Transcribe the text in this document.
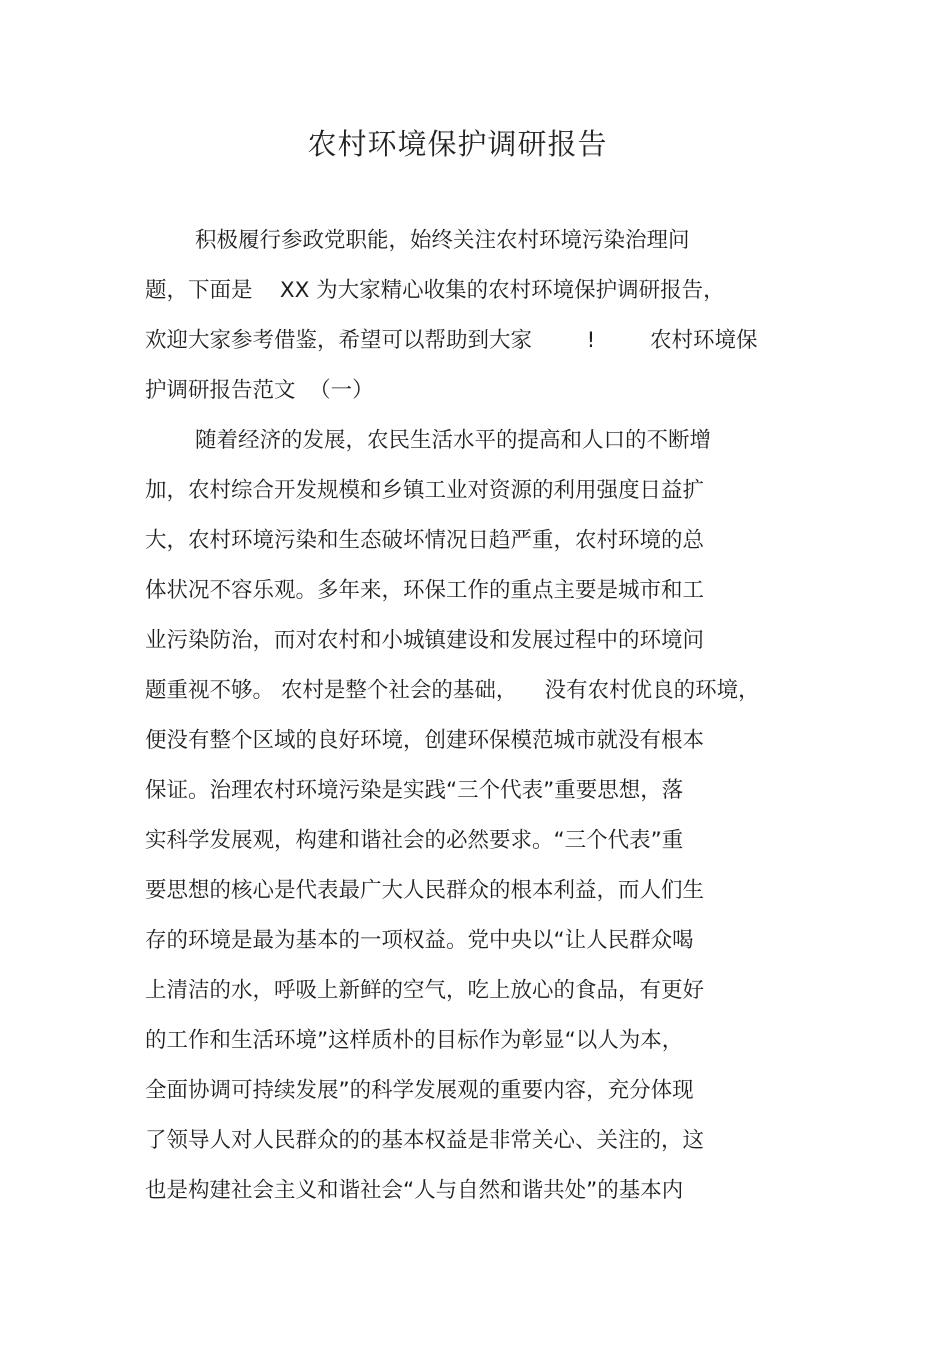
农村环境保护调研报告
积极履行参政党职能，始终关注农村环境污染治理问
题，下面是    XX 为大家精心收集的农村环境保护调研报告，
欢迎大家参考借鉴，希望可以帮助到大家        !        农村环境保
护调研报告范文  （一）
随着经济的发展，农民生活水平的提高和人口的不断增
加，农村综合开发规模和乡镇工业对资源的利用强度日益扩
大，农村环境污染和生态破坏情况日趋严重，农村环境的总
体状况不容乐观。多年来，环保工作的重点主要是城市和工
业污染防治，而对农村和小城镇建设和发展过程中的环境问
题重视不够。 农村是整个社会的基础，    没有农村优良的环境，
便没有整个区域的良好环境，创建环保模范城市就没有根本
保证。治理农村环境污染是实践“三个代表”重要思想，落
实科学发展观，构建和谐社会的必然要求。“三个代表”重
要思想的核心是代表最广大人民群众的根本利益，而人们生
存的环境是最为基本的一项权益。党中央以“让人民群众喝
上清洁的水，呼吸上新鲜的空气，吃上放心的食品，有更好
的工作和生活环境”这样质朴的目标作为彰显“以人为本，
全面协调可持续发展”的科学发展观的重要内容，充分体现
了领导人对人民群众的的基本权益是非常关心、关注的，这
也是构建社会主义和谐社会“人与自然和谐共处”的基本内
